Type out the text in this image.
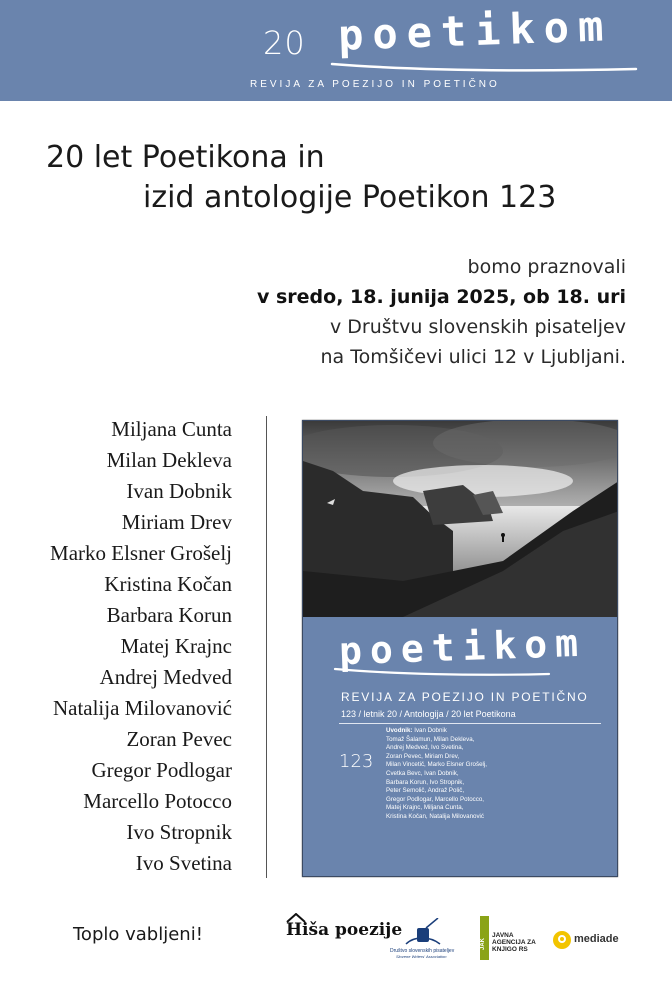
20 poetikom
REVIJA ZA POEZIJO IN POETIČNO
20 let Poetikona in
izid antologije Poetikon 123
bomo praznovali
v sredo, 18. junija 2025, ob 18. uri
v Društvu slovenskih pisateljev
na Tomšičevi ulici 12 v Ljubljani.
Miljana Cunta
Milan Dekleva
Ivan Dobnik
Miriam Drev
Marko Elsner Grošelj
Kristina Kočan
Barbara Korun
Matej Krajnc
Andrej Medved
Natalija Milovanović
Zoran Pevec
Gregor Podlogar
Marcello Potocco
Ivo Stropnik
Ivo Svetina
poetikom
REVIJA ZA POEZIJO IN POETIČNO
123 / letnik 20 / Antologija / 20 let Poetikona
123
Uvodnik: Ivan Dobnik
Tomaž Šalamun, Milan Dekleva,
Andrej Medved, Ivo Svetina,
Zoran Pevec, Miriam Drev,
Milan Vincetič, Marko Elsner Grošelj,
Cvetka Bevc, Ivan Dobnik,
Barbara Korun, Ivo Stropnik,
Peter Semolič, Andraž Polič,
Gregor Podlogar, Marcello Potocco,
Matej Krajnc, Miljana Cunta,
Kristina Kočan, Natalija Milovanović
Toplo vabljeni!	Hiša poezije
Društvo slovenskih pisateljev
Slovene Writers' Association
JAK
JAVNA
AGENCIJA ZA
KNJIGO RS
mediade
